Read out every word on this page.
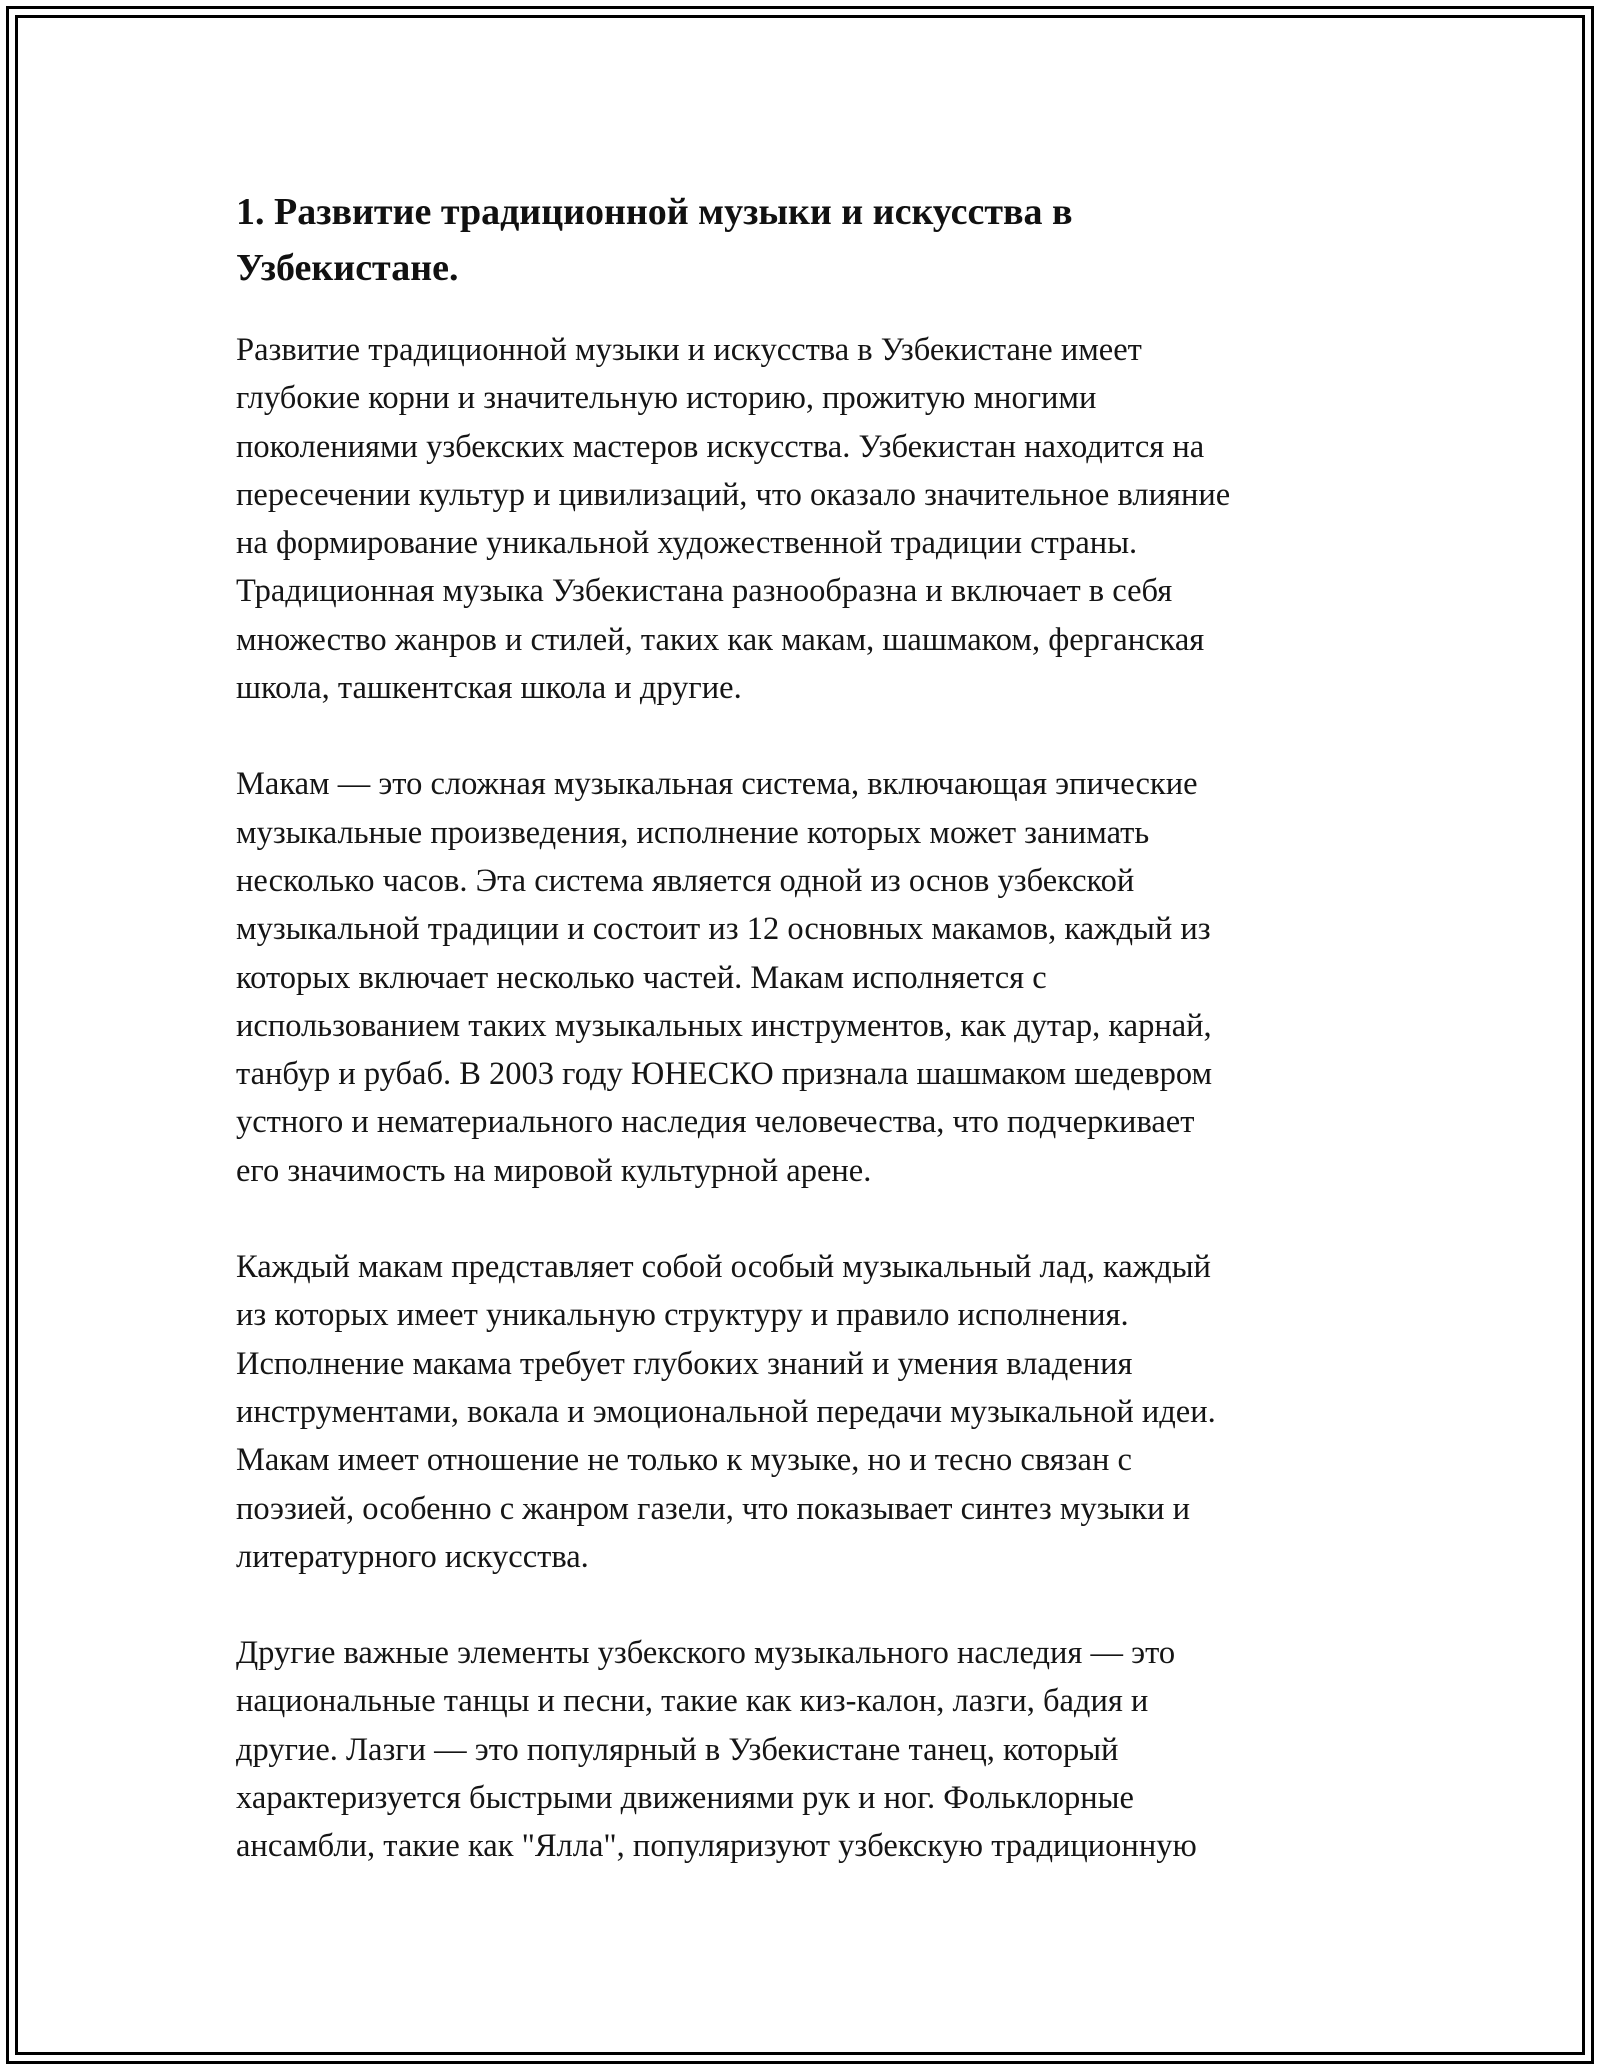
1. Развитие традиционной музыки и искусства в
Узбекистане.

Развитие традиционной музыки и искусства в Узбекистане имеет
глубокие корни и значительную историю, прожитую многими
поколениями узбекских мастеров искусства. Узбекистан находится на
пересечении культур и цивилизаций, что оказало значительное влияние
на формирование уникальной художественной традиции страны.
Традиционная музыка Узбекистана разнообразна и включает в себя
множество жанров и стилей, таких как макам, шашмаком, ферганская
школа, ташкентская школа и другие.

Макам — это сложная музыкальная система, включающая эпические
музыкальные произведения, исполнение которых может занимать
несколько часов. Эта система является одной из основ узбекской
музыкальной традиции и состоит из 12 основных макамов, каждый из
которых включает несколько частей. Макам исполняется с
использованием таких музыкальных инструментов, как дутар, карнай,
танбур и рубаб. В 2003 году ЮНЕСКО признала шашмаком шедевром
устного и нематериального наследия человечества, что подчеркивает
его значимость на мировой культурной арене.

Каждый макам представляет собой особый музыкальный лад, каждый
из которых имеет уникальную структуру и правило исполнения.
Исполнение макама требует глубоких знаний и умения владения
инструментами, вокала и эмоциональной передачи музыкальной идеи.
Макам имеет отношение не только к музыке, но и тесно связан с
поэзией, особенно с жанром газели, что показывает синтез музыки и
литературного искусства.

Другие важные элементы узбекского музыкального наследия — это
национальные танцы и песни, такие как киз-калон, лазги, бадия и
другие. Лазги — это популярный в Узбекистане танец, который
характеризуется быстрыми движениями рук и ног. Фольклорные
ансамбли, такие как "Ялла", популяризуют узбекскую традиционную
